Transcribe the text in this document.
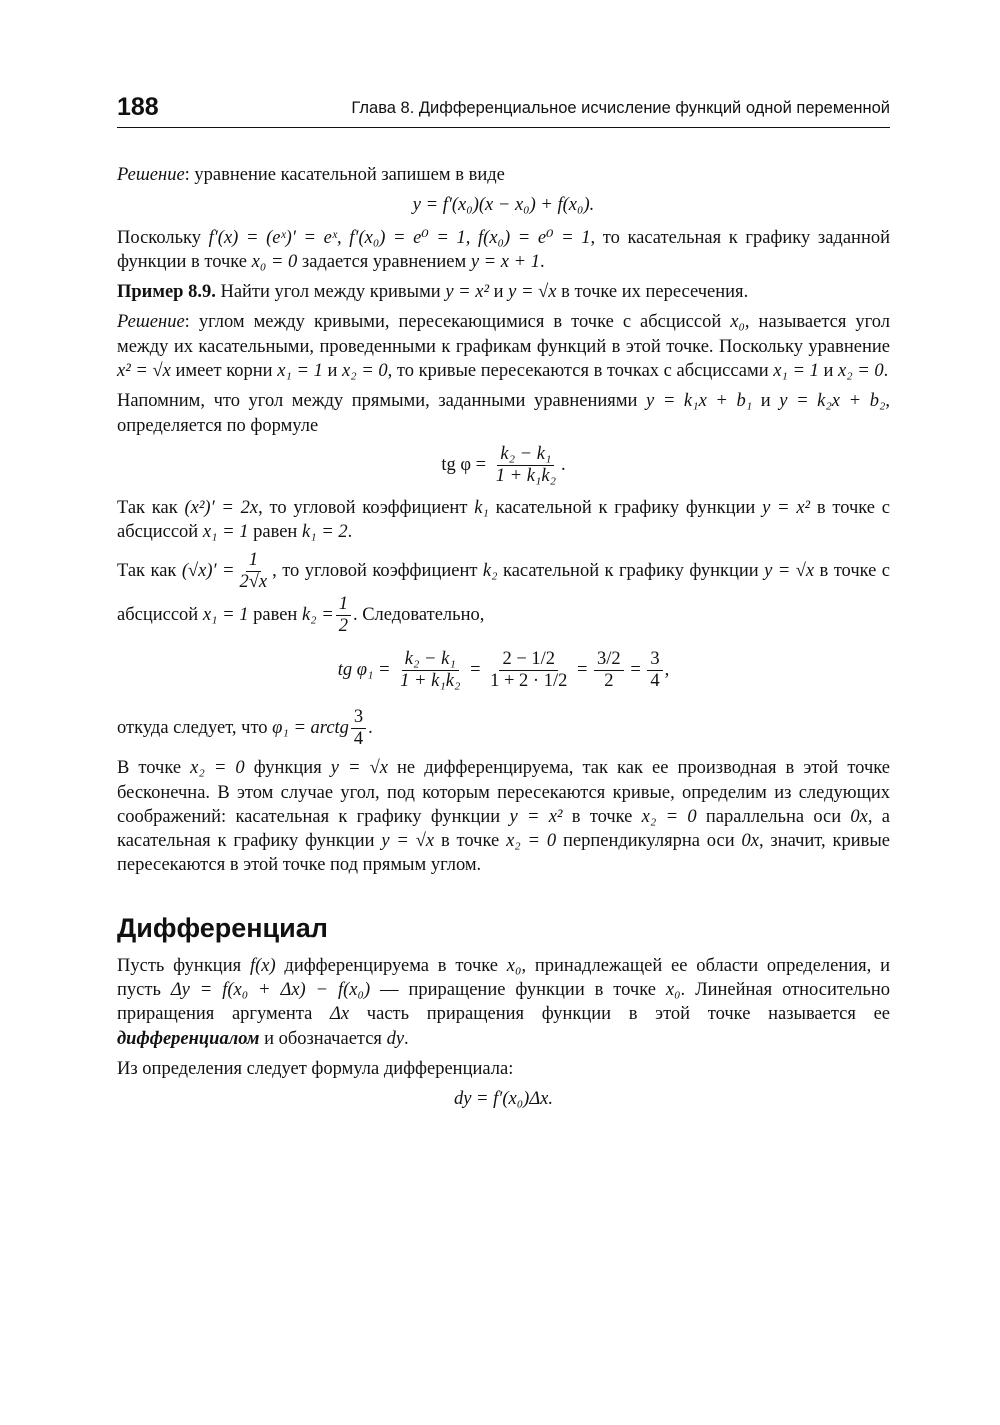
188	Глава 8. Дифференциальное исчисление функций одной переменной

Решение: уравнение касательной запишем в виде

y = f′(x₀)(x − x₀) + f(x₀).

Поскольку f′(x) = (eˣ)′ = eˣ, f′(x₀) = e⁰ = 1, f(x₀) = e⁰ = 1, то касательная к графику заданной функции в точке x₀ = 0 задается уравнением y = x + 1.

Пример 8.9. Найти угол между кривыми y = x² и y = √x в точке их пересечения.

Решение: углом между кривыми, пересекающимися в точке с абсциссой x₀, называется угол между их касательными, проведенными к графикам функций в этой точке. Поскольку уравнение x² = √x имеет корни x₁ = 1 и x₂ = 0, то кривые пересекаются в точках с абсциссами x₁ = 1 и x₂ = 0.

Напомним, что угол между прямыми, заданными уравнениями y = k₁x + b₁ и y = k₂x + b₂, определяется по формуле

tg $\varphi = \frac{\text{k₂ − k₁}}{\text{1 + k₁k₂}}$ .

Так как (x²)′ = 2x, то угловой коэффициент k₁ касательной к графику функции y = x² в точке с абсциссой x₁ = 1 равен k₁ = 2.

Так как $(√x)' = \frac{1}{2√x}$ , то угловой коэффициент k₂ касательной к графику функции y = √x в точке с абсциссой x₁ = 1 равен $k_2 = \frac{1}{2}$ . Следовательно,

tg $\varphi_1 = \frac{\text{k₂ − k₁}}{\text{1 + k₁k₂}} = \frac{2 - 1/2}{1 + 2 \cdot 1/2} = \frac{3/2}{2} = \frac{3}{4}$ ,

откуда следует, что φ₁ = arctg $\frac{3}{4}$ .

В точке x₂ = 0 функция y = √x не дифференцируема, так как ее производная в этой точке бесконечна. В этом случае угол, под которым пересекаются кривые, определим из следующих соображений: касательная к графику функции y = x² в точке x₂ = 0 параллельна оси 0x, а касательная к графику функции y = √x в точке x₂ = 0 перпендикулярна оси 0x, значит, кривые пересекаются в этой точке под прямым углом.

Дифференциал

Пусть функция f(x) дифференцируема в точке x₀, принадлежащей ее области определения, и пусть Δy = f(x₀ + Δx) − f(x₀) — приращение функции в точке x₀. Линейная относительно приращения аргумента Δx часть приращения функции в этой точке называется ее дифференциалом и обозначается dy.

Из определения следует формула дифференциала:

dy = f′(x₀)Δx.
